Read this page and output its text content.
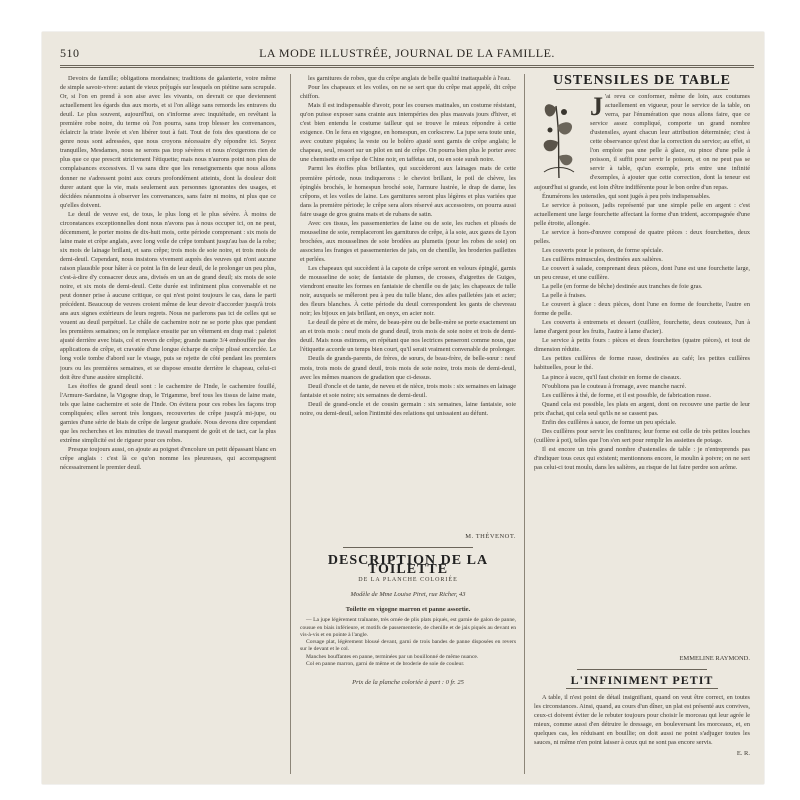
510	LA MODE ILLUSTRÉE, JOURNAL DE LA FAMILLE.

Devoirs de famille; obligations mondaines; traditions de galanterie, voire même de simple savoir-vivre: autant de vieux préjugés sur lesquels on piétine sans scrupule. Or, si l'on en prend à son aise avec les vivants, on devrait ce que deviennent actuellement les égards dus aux morts, et si l'on allège sans remords les entraves du deuil. Le plus souvent, aujourd'hui, on s'informe avec inquiétude, en revêtant la première robe noire, du terme où l'on pourra, sans trop blesser les convenances, éclaircir la triste livrée et s'en libérer tout à fait. Tout de fois des questions de ce genre nous sont adressées, que nous croyons nécessaire d'y répondre ici. Soyez tranquilles, Mesdames, nous ne serons pas trop sévères et nous n'exigerons rien de plus que ce que prescrit strictement l'étiquette; mais nous n'aurons point non plus de complaisances excessives. Il va sans dire que les renseignements que nous allons donner ne s'adressent point aux cœurs profondément atteints, dont la douleur doit durer autant que la vie, mais seulement aux personnes ignorantes des usages, et décidées néanmoins à observer les convenances, sans faire ni moins, ni plus que ce qu'elles doivent.

Le deuil de veuve est, de tous, le plus long et le plus sévère. À moins de circonstances exceptionnelles dont nous n'avons pas à nous occuper ici, on ne peut, décemment, le porter moins de dix-huit mois, cette période comprenant : six mois de laine mate et crêpe anglais, avec long voile de crêpe tombant jusqu'au bas de la robe; six mois de lainage brillant, et sans crêpe; trois mois de soie noire, et trois mois de demi-deuil. Cependant, nous insistons vivement auprès des veuves qui n'ont aucune raison plausible pour hâter à ce point la fin de leur deuil, de le prolonger un peu plus, c'est-à-dire d'y consacrer deux ans, divisés en un an de grand deuil; six mois de soie noire, et six mois de demi-deuil. Cette durée est infiniment plus convenable et ne peut donner prise à aucune critique, ce qui n'est point toujours le cas, dans le parti précédent. Beaucoup de veuves croient même de leur devoir d'accorder jusqu'à trois ans aux signes extérieurs de leurs regrets. Nous ne parlerons pas ici de celles qui se vouent au deuil perpétuel. Le châle de cachemire noir ne se porte plus que pendant les premières semaines; on le remplace ensuite par un vêtement en drap mat : paletot ajusté derrière avec biais, col et revers de crêpe; grande mante 3/4 embouffée par des applications de crêpe, et cravatée d'une longue écharpe de crêpe plissé encerclée. Le long voile tombe d'abord sur le visage, puis se rejette de côté pendant les premiers jours ou les premières semaines, et se dispose ensuite derrière le chapeau, celui-ci doit être d'une austère simplicité.

Les étoffes de grand deuil sont : le cachemire de l'Inde, le cachemire fouillé, l'Armure-Sardaine, la Vigogne drap, le Trigamme, bref tous les tissus de laine mate, tels que laine cachemire et soie de l'Inde. On évitera pour ces robes les façons trop compliquées; elles seront très longues, recouvertes de crêpe jusqu'à mi-jupe, ou garnies d'une série de biais de crêpe de largeur graduée. Nous devons dire cependant que les recherches et les minuties de travail manquent de goût et de tact, car la plus extrême simplicité est de rigueur pour ces robes.

Presque toujours aussi, on ajoute au poignet d'encolure un petit dépassant blanc en crêpe anglais : c'est là ce qu'on nomme les pleureuses, qui accompagnent nécessairement le premier deuil.

les garnitures de robes, que du crêpe anglais de belle qualité inattaquable à l'eau.

Pour les chapeaux et les voiles, on ne se sert que du crêpe mat appelé, dit crêpe chiffon.

Mais il est indispensable d'avoir, pour les courses matinales, un costume résistant, qu'on puisse exposer sans crainte aux intempéries des plus mauvais jours d'hiver, et c'est bien entendu le costume tailleur qui se trouve le mieux répondre à cette exigence. On le fera en vigogne, en homespun, en corkscrew. La jupe sera toute unie, avec couture piquées; la veste ou le boléro ajusté sont garnis de crêpe anglais; le chapeau, seul, ressort sur un pilot en uni de crêpe. On pourra bien plus le porter avec une chemisette en crêpe de Chine noir, en taffetas uni, ou en soie surah noire.

Parmi les étoffes plus brillantes, qui succèderont aux lainages mats de cette première période, nous indiquerons : le cheviot brillant, le poil de chèvre, les épinglés brochés, le homespun broché soie, l'armure lustrée, le drap de dame, les crêpons, et les voiles de laine. Les garnitures seront plus légères et plus variées que dans la première période; le crêpe sera alors réservé aux accessoires, on pourra aussi faire usage de gros grains mats et de rubans de satin.

Avec ces tissus, les passementeries de laine ou de soie, les ruches et plissés de mousseline de soie, remplaceront les garnitures de crêpe, à la soie, aux gazes de Lyon brochées, aux mousselines de soie brodées au plumetis (pour les robes de soie) on associera les franges et passementeries de jais, on de chenille, les broderies paillettes et perlées.

Les chapeaux qui succèdent à la capote de crêpe seront en velours épinglé, garnis de mousseline de soie; de fantaisie de plumes, de crosses, d'aigrettes de Guiges, viendront ensuite les formes en fantaisie de chenille ou de jais; les chapeaux de tulle noir, auxquels se mêleront peu à peu du tulle blanc, des ailes pailletées jais et acier; des fleurs blanches. À cette période du deuil correspondent les gants de chevreau noir; les bijoux en jais brillant, en onyx, en acier noir.

Le deuil de père et de mère, de beau-père ou de belle-mère se porte exactement un an et trois mois : neuf mois de grand deuil, trois mois de soie noire et trois de demi-deuil. Mais nous estimons, en répétant que nos lectrices penseront comme nous, que l'étiquette accorde un temps bien court, qu'il serait vraiment convenable de prolonger.

Deuils de grands-parents, de frères, de sœurs, de beau-frère, de belle-sœur : neuf mois, trois mois de grand deuil, trois mois de soie noire, trois mois de demi-deuil, avec les mêmes nuances de gradation que ci-dessus.

Deuil d'oncle et de tante, de neveu et de nièce, trois mois : six semaines en lainage fantaisie et soie noire; six semaines de demi-deuil.

Deuil de grand-oncle et de cousin germain : six semaines, laine fantaisie, soie noire, ou demi-deuil, selon l'intimité des relations qui unissaient au défunt.

M. THÉVENOT.
DESCRIPTION DE LA TOILETTE
DE LA PLANCHE COLORIÉE
Modèle de Mme Louise Piret, rue Richer, 43
Toilette en vigogne marron et panne assortie.

— La jupe légèrement traînante, très ornée de plis plats piqués, est garnie de galon de panne, cousue en biais inférieure, et motifs de passementerie, de chenille et de jais piqués au devant en vis-à-vis et en pointe à l'angle.

Corsage plat, légèrement blousé devant, garni de trois bandes de panne disposées en revers sur le devant et le col.

Manches bouffantes en panne, terminées par un bouillonné de même nuance.

Col en panne marron, garni de même et de broderie de soie de couleur.

Prix de la planche coloriée à part : 0 fr. 25
USTENSILES DE TABLE
J 'ai revu ce conformer, même de loin, aux coutumes actuellement en vigueur, pour le service de la table, on verra, par l'énumération que nous allons faire, que ce service assez compliqué, comporte un grand nombre d'ustensiles, ayant chacun leur attribution déterminée; c'est à cette observance qu'est due la correction du service; au effet, si l'on emploie pas une pelle à glace, ou pince d'une pelle à poisson, il suffit pour servir le poisson, et on ne peut pas se servir à table, qu'un exemple, pris entre une infinité d'exemples, à ajouter que cette correction, dont la teneur est aujourd'hui si grande, est loin d'être indifférente pour le bon ordre d'un repas.

Énumérons les ustensiles, qui sont jugés à peu près indispensables.

Le service à poisson, jadis représenté par une simple pelle en argent : c'est actuellement une large fourchette affectant la forme d'un trident, accompagnée d'une pelle étroite, allongée.

Le service à hors-d'œuvre composé de quatre pièces : deux fourchettes, deux pelles.

Les couverts pour le poisson, de forme spéciale.

Les cuillères minuscules, destinées aux salières.

Le couvert à salade, comprenant deux pièces, dont l'une est une fourchette large, un peu creuse, et une cuillère.

La pelle (en forme de bêche) destinée aux tranches de foie gras.

La pelle à fraises.

Le couvert à glace : deux pièces, dont l'une en forme de fourchette, l'autre en forme de pelle.

Les couverts à entremets et dessert (cuillère, fourchette, deux couteaux, l'un à lame d'argent pour les fruits, l'autre à lame d'acier).

Le service à petits fours : pièces et deux fourchettes (quatre pièces), et tout de dimension réduite.

Les petites cuillères de forme russe, destinées au café; les petites cuillères habituelles, pour le thé.

La pince à sucre, qu'il faut choisir en forme de ciseaux.

N'oublions pas le couteau à fromage, avec manche nacré.

Les cuillères à thé, de forme, et il est possible, de fabrication russe.

Quand cela est possible, les plats en argent, dont on recouvre une partie de leur prix d'achat, qui cela seul qu'ils ne se cassent pas.

Enfin des cuillères à sauce, de forme un peu spéciale.

Des cuillères pour servir les confitures; leur forme est celle de très petites louches (cuillère à pot), telles que l'on s'en sert pour remplir les assiettes de potage.

Il est encore un très grand nombre d'ustensiles de table : je n'entreprends pas d'indiquer tous ceux qui existent; mentionnons encore, le moulin à poivre; on ne sert pas celui-ci tout moulu, dans les salières, au risque de lui faire perdre son arôme.

EMMELINE RAYMOND.
L'INFINIMENT PETIT

A table, il n'est point de détail insignifiant, quand on veut être correct, en toutes les circonstances. Ainsi, quand, au cours d'un dîner, un plat est présenté aux convives, ceux-ci doivent éviter de le rebuter toujours pour choisir le morceau qui leur agrée le mieux, comme aussi d'en détruire le dressage, en bouleversant les morceaux, et, en quelques cas, les réduisant en bouillie; on doit aussi ne point s'adjuger toutes les sauces, ni même n'en point laisser à ceux qui ne sont pas encore servis.

E. R.
